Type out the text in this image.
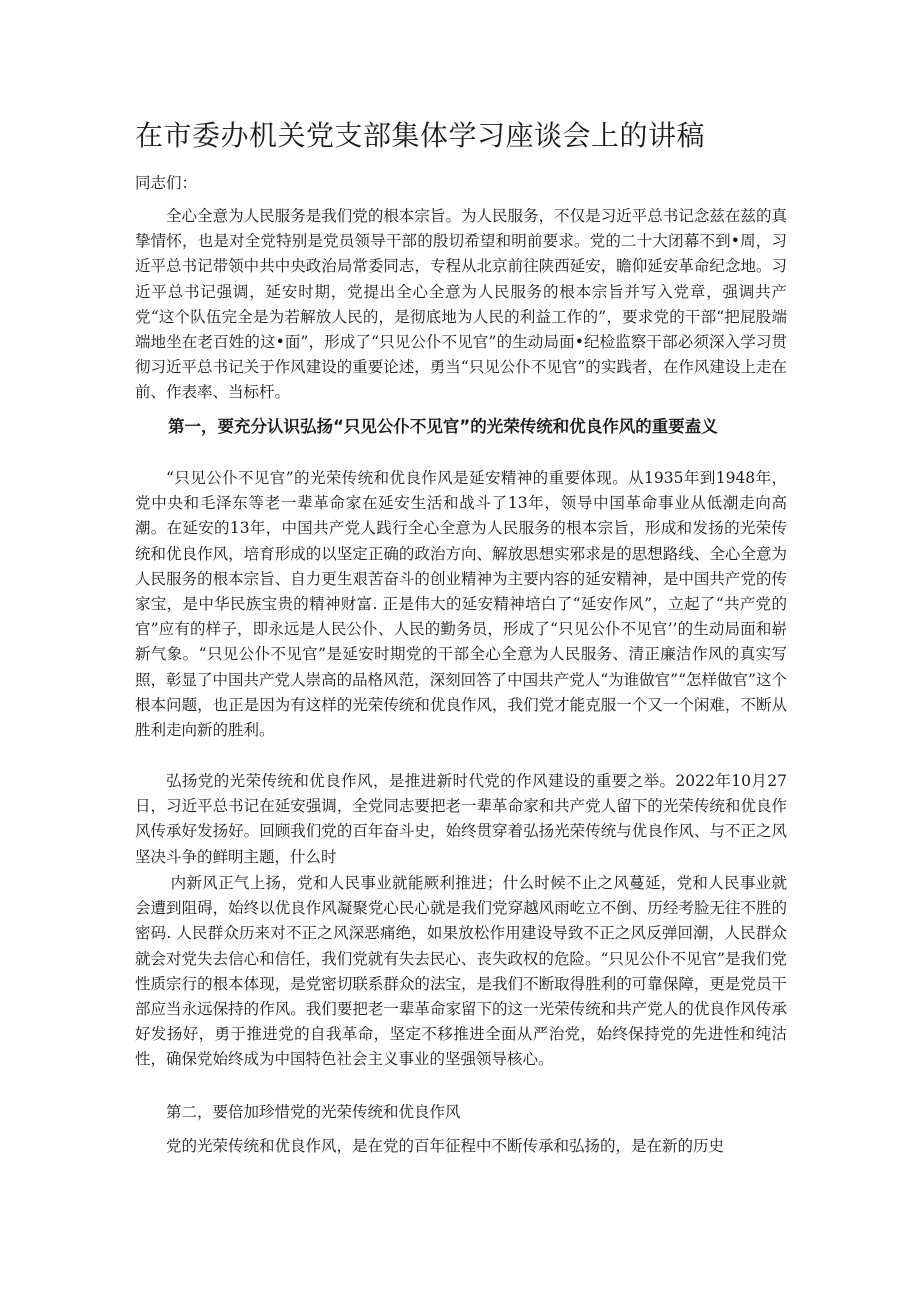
在市委办机关党支部集体学习座谈会上的讲稿

同志们：

全心全意为人民服务是我们党的根本宗旨。为人民服务，不仅是习近平总书记念兹在兹的真挚情怀，也是对全党特别是党员领导干部的殷切希望和明前要求。党的二十大闭幕不到•周，习近平总书记带领中共中央政治局常委同志，专程从北京前往陕西延安，瞻仰延安革命纪念地。习近平总书记强调，延安时期，党提出全心全意为人民服务的根本宗旨并写入党章，强调共产党“这个队伍完全是为若解放人民的，是彻底地为人民的利益工作的”，要求党的干部“把屁股端端地坐在老百姓的这•面”，形成了“只见公仆不见官”的生动局面•纪检监察干部必须深入学习贯彻习近平总书记关于作风建设的重要论述，勇当“只见公仆不见官”的实践者，在作风建设上走在前、作表率、当标杆。

第一，要充分认识弘扬“只见公仆不见官”的光荣传统和优良作风的重要盍义

“只见公仆不见官”的光荣传统和优良作风是延安精神的重要体现。从1935年到1948年，党中央和毛泽东等老一辈革命家在延安生活和战斗了13年，领导中国革命事业从低潮走向高潮。在延安的13年，中国共产党人践行全心全意为人民服务的根本宗旨，形成和发扬的光荣传统和优良作风，培育形成的以坚定正确的政治方向、解放思想实邪求是的思想路线、全心全意为人民服务的根本宗旨、自力更生艰苦奋斗的创业精神为主要内容的延安精神，是中国共产党的传家宝，是中华民族宝贵的精神财富. 正是伟大的延安精神培白了“延安作风”，立起了“共产党的官”应有的样子，即永远是人民公仆、人民的勤务员，形成了“只见公仆不见官’’的生动局面和崭新气象。“只见公仆不见官”是延安时期党的干部全心全意为人民服务、清正廉洁作风的真实写照，彰显了中国共产党人崇高的品格风范，深刻回答了中国共产党人“为谁做官”“怎样做官”这个根本问题，也正是因为有这样的光荣传统和优良作风，我们党才能克服一个又一个闲难，不断从胜利走向新的胜利。

弘扬党的光荣传统和优良作风，是推进新时代党的作风建设的重要之举。2022年10月27日，习近平总书记在延安强调，全党同志要把老一辈革命家和共产党人留下的光荣传统和优良作风传承好发扬好。回顾我们党的百年奋斗史，始终贯穿着弘扬光荣传统与优良作风、与不正之风坚决斗争的鲜明主题，什么时

内新风正气上扬，党和人民事业就能厥利推进；什么时候不止之风蔓延，党和人民事业就会遭到阻碍，始终以优良作风凝聚党心民心就是我们党穿越风雨屹立不倒、历经考脸无往不胜的密码. 人民群众历来对不正之风深恶痛绝，如果放松作用建设导致不正之风反弹回潮，人民群众就会对党失去信心和信任，我们党就有失去民心、丧失政权的危险。“只见公仆不见官”是我们党性质宗行的根本体现，是党密切联系群众的法宝，是我们不断取得胜利的可靠保障，更是党员干部应当永远保持的作风。我们要把老一辈革命家留下的这一光荣传统和共产党人的优良作风传承好发扬好，勇于推进党的自我革命，坚定不移推进全面从严治党，始终保持党的先进性和纯沽性，确保党始终成为中国特色社会主义事业的坚强领导核心。

第二，要倍加珍惜党的光荣传统和优良作风

党的光荣传统和优良作风，是在党的百年征程中不断传承和弘扬的，是在新的历史
